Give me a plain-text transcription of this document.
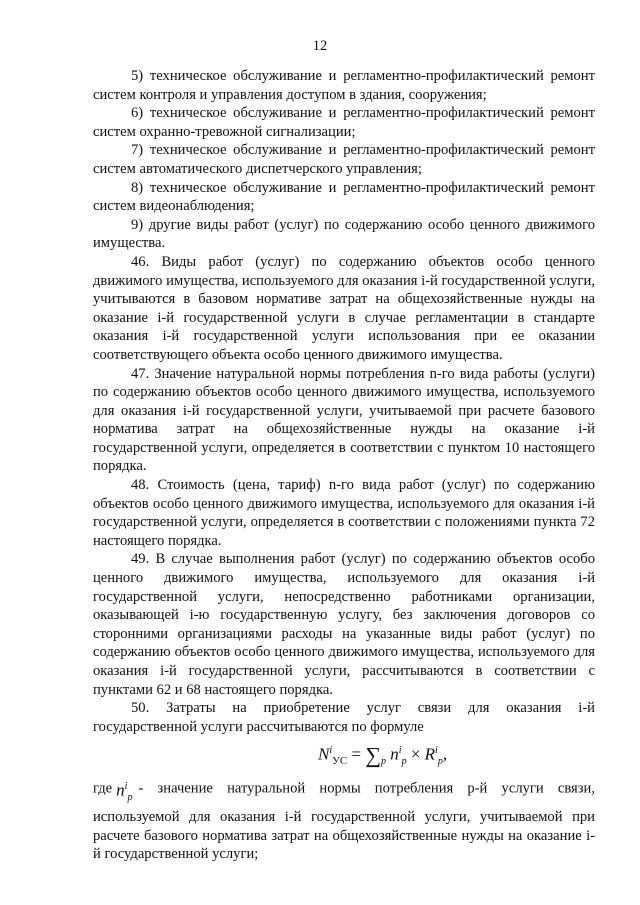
12

5) техническое обслуживание и регламентно-профилактический ремонт систем контроля и управления доступом в здания, сооружения;

6) техническое обслуживание и регламентно-профилактический ремонт систем охранно-тревожной сигнализации;

7) техническое обслуживание и регламентно-профилактический ремонт систем автоматического диспетчерского управления;

8) техническое обслуживание и регламентно-профилактический ремонт систем видеонаблюдения;

9) другие виды работ (услуг) по содержанию особо ценного движимого имущества.

46. Виды работ (услуг) по содержанию объектов особо ценного движимого имущества, используемого для оказания i-й государственной услуги, учитываются в базовом нормативе затрат на общехозяйственные нужды на оказание i-й государственной услуги в случае регламентации в стандарте оказания i-й государственной услуги использования при ее оказании соответствующего объекта особо ценного движимого имущества.

47. Значение натуральной нормы потребления n-го вида работы (услуги) по содержанию объектов особо ценного движимого имущества, используемого для оказания i-й государственной услуги, учитываемой при расчете базового норматива затрат на общехозяйственные нужды на оказание i-й государственной услуги, определяется в соответствии с пунктом 10 настоящего порядка.

48. Стоимость (цена, тариф) n-го вида работ (услуг) по содержанию объектов особо ценного движимого имущества, используемого для оказания i-й государственной услуги, определяется в соответствии с положениями пункта 72 настоящего порядка.

49. В случае выполнения работ (услуг) по содержанию объектов особо ценного движимого имущества, используемого для оказания i-й государственной услуги, непосредственно работниками организации, оказывающей i-ю государственную услугу, без заключения договоров со сторонними организациями расходы на указанные виды работ (услуг) по содержанию объектов особо ценного движимого имущества, используемого для оказания i-й государственной услуги, рассчитываются в соответствии с пунктами 62 и 68 настоящего порядка.

50. Затраты на приобретение услуг связи для оказания i-й государственной услуги рассчитываются по формуле

$N^i_{УС} = \sum_p$ $n^i_p \times R^i_p$,

где $n^i_p-$ значение натуральной нормы потребления p-й услуги связи, используемой для оказания i-й государственной услуги, учитываемой при расчете базового норматива затрат на общехозяйственные нужды на оказание i-й государственной услуги;
